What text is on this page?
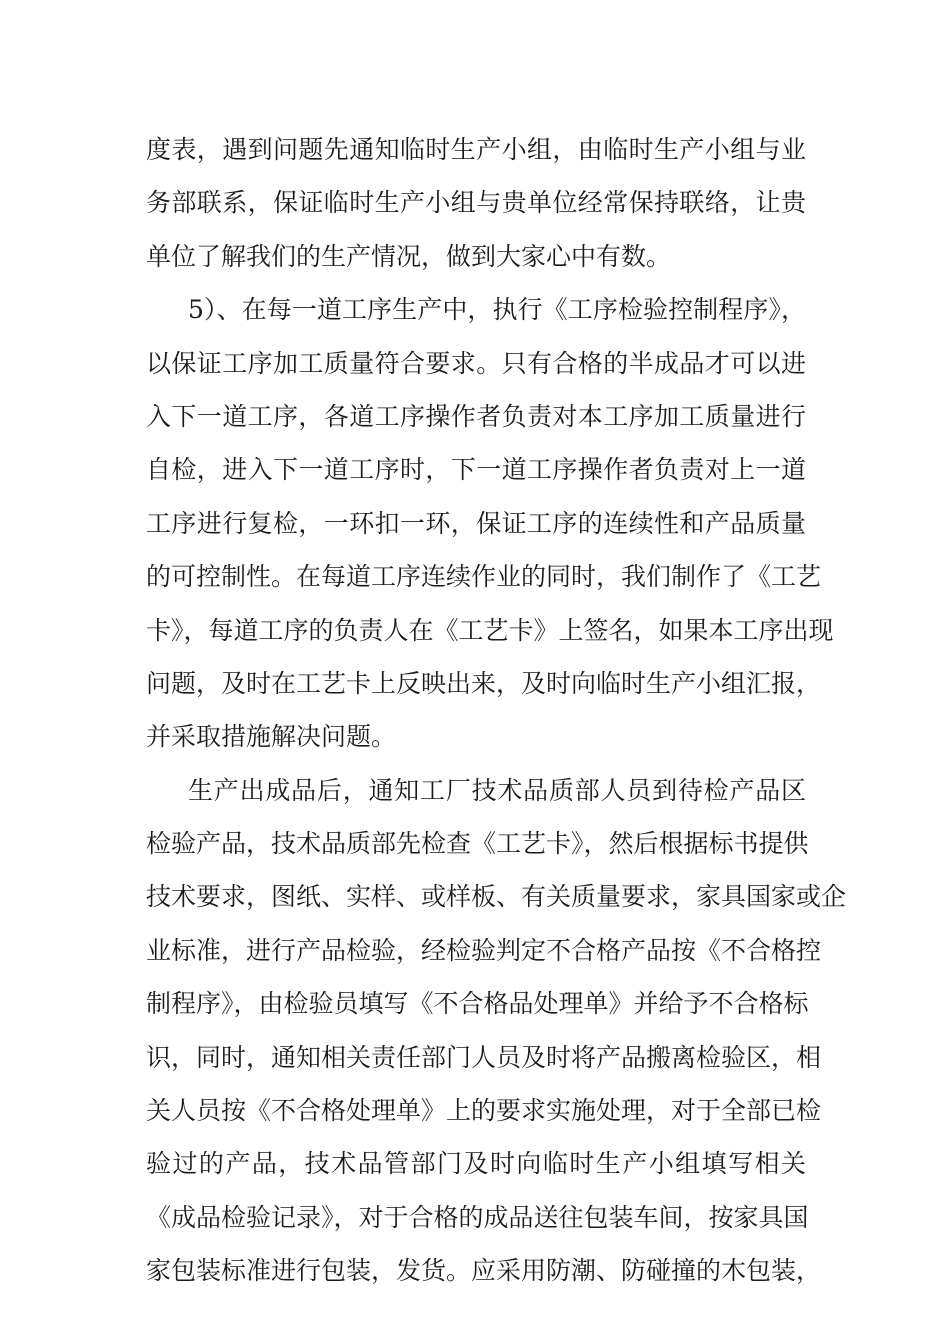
度表，遇到问题先通知临时生产小组，由临时生产小组与业
务部联系，保证临时生产小组与贵单位经常保持联络，让贵
单位了解我们的生产情况，做到大家心中有数。
5）、在每一道工序生产中，执行《工序检验控制程序》，
以保证工序加工质量符合要求。只有合格的半成品才可以进
入下一道工序，各道工序操作者负责对本工序加工质量进行
自检，进入下一道工序时，下一道工序操作者负责对上一道
工序进行复检，一环扣一环，保证工序的连续性和产品质量
的可控制性。在每道工序连续作业的同时，我们制作了《工艺
卡》，每道工序的负责人在《工艺卡》上签名，如果本工序出现
问题，及时在工艺卡上反映出来，及时向临时生产小组汇报，
并采取措施解决问题。
生产出成品后，通知工厂技术品质部人员到待检产品区
检验产品，技术品质部先检查《工艺卡》，然后根据标书提供
技术要求，图纸、实样、或样板、有关质量要求，家具国家或企
业标准，进行产品检验，经检验判定不合格产品按《不合格控
制程序》，由检验员填写《不合格品处理单》并给予不合格标
识，同时，通知相关责任部门人员及时将产品搬离检验区，相
关人员按《不合格处理单》上的要求实施处理，对于全部已检
验过的产品，技术品管部门及时向临时生产小组填写相关
《成品检验记录》，对于合格的成品送往包装车间，按家具国
家包装标准进行包装，发货。应采用防潮、防碰撞的木包装，
